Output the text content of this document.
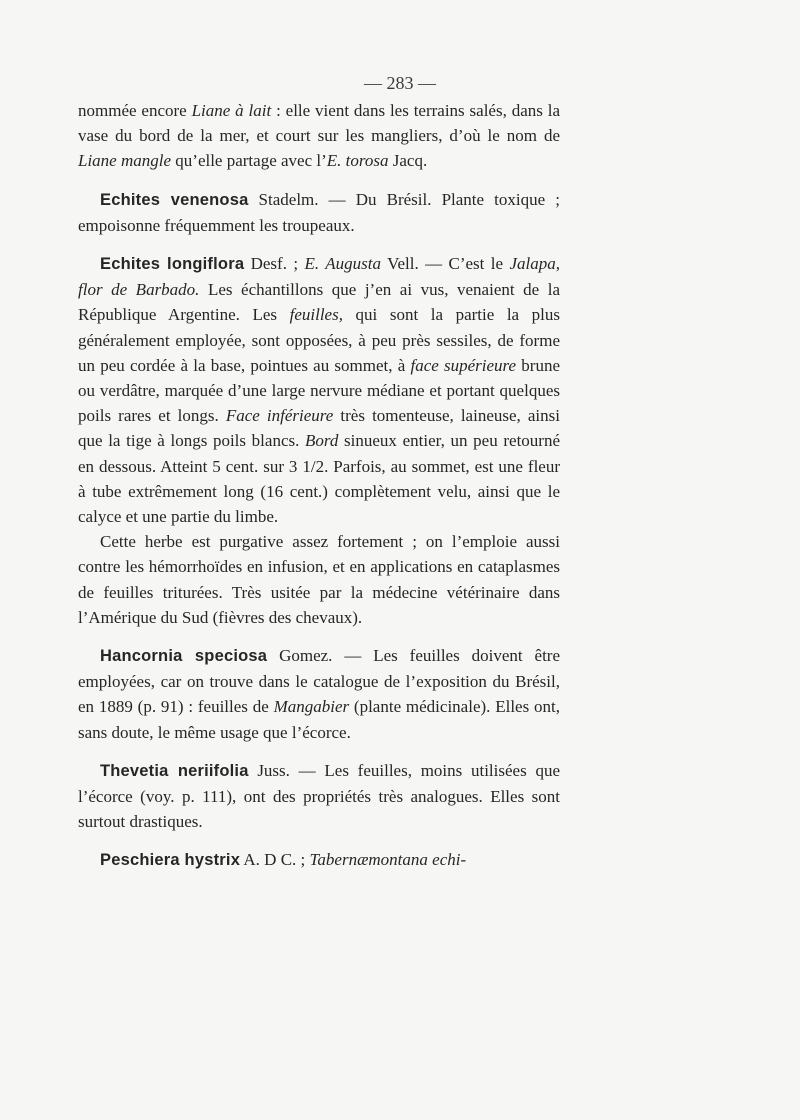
— 283 —

nommée encore Liane à lait : elle vient dans les terrains salés, dans la vase du bord de la mer, et court sur les mangliers, d’où le nom de Liane mangle qu’elle partage avec l’E. torosa Jacq.

Echites venenosa Stadelm. — Du Brésil. Plante toxique ; empoisonne fréquemment les troupeaux.

Echites longiflora Desf. ; E. Augusta Vell. — C’est le Jalapa, flor de Barbado. Les échantillons que j’en ai vus, venaient de la République Argentine. Les feuilles, qui sont la partie la plus généralement employée, sont opposées, à peu près sessiles, de forme un peu cordée à la base, pointues au sommet, à face supérieure brune ou verdâtre, marquée d’une large nervure médiane et portant quelques poils rares et longs. Face inférieure très tomenteuse, laineuse, ainsi que la tige à longs poils blancs. Bord sinueux entier, un peu retourné en dessous. Atteint 5 cent. sur 3 1/2. Parfois, au sommet, est une fleur à tube extrêmement long (16 cent.) complètement velu, ainsi que le calyce et une partie du limbe.

Cette herbe est purgative assez fortement ; on l’emploie aussi contre les hémorrhoïdes en infusion, et en applications en cataplasmes de feuilles triturées. Très usitée par la médecine vétérinaire dans l’Amérique du Sud (fièvres des chevaux).

Hancornia speciosa Gomez. — Les feuilles doivent être employées, car on trouve dans le catalogue de l’exposition du Brésil, en 1889 (p. 91) : feuilles de Mangabier (plante médicinale). Elles ont, sans doute, le même usage que l’écorce.

Thevetia neriifolia Juss. — Les feuilles, moins utilisées que l’écorce (voy. p. 111), ont des propriétés très analogues. Elles sont surtout drastiques.

Peschiera hystrix A. D C. ; Tabernæmontana echi-
